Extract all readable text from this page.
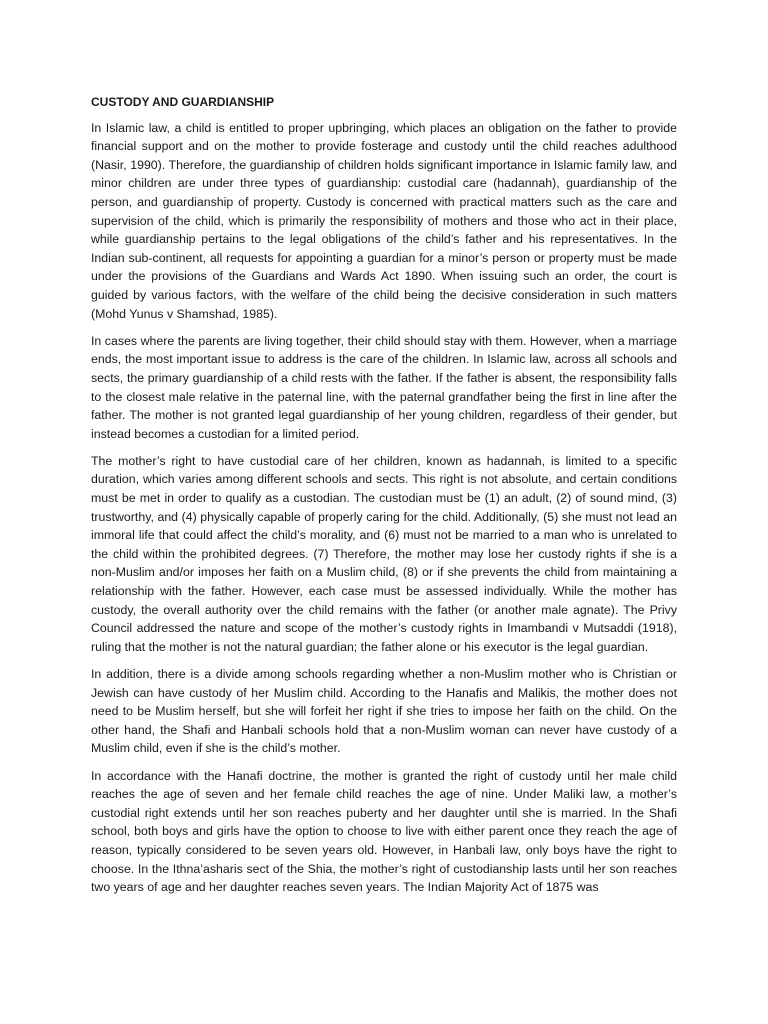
CUSTODY AND GUARDIANSHIP

In Islamic law, a child is entitled to proper upbringing, which places an obligation on the father to provide financial support and on the mother to provide fosterage and custody until the child reaches adulthood (Nasir, 1990). Therefore, the guardianship of children holds significant importance in Islamic family law, and minor children are under three types of guardianship: custodial care (hadannah), guardianship of the person, and guardianship of property. Custody is concerned with practical matters such as the care and supervision of the child, which is primarily the responsibility of mothers and those who act in their place, while guardianship pertains to the legal obligations of the child’s father and his representatives. In the Indian sub-continent, all requests for appointing a guardian for a minor’s person or property must be made under the provisions of the Guardians and Wards Act 1890. When issuing such an order, the court is guided by various factors, with the welfare of the child being the decisive consideration in such matters (Mohd Yunus v Shamshad, 1985).

In cases where the parents are living together, their child should stay with them. However, when a marriage ends, the most important issue to address is the care of the children. In Islamic law, across all schools and sects, the primary guardianship of a child rests with the father. If the father is absent, the responsibility falls to the closest male relative in the paternal line, with the paternal grandfather being the first in line after the father. The mother is not granted legal guardianship of her young children, regardless of their gender, but instead becomes a custodian for a limited period.

The mother’s right to have custodial care of her children, known as hadannah, is limited to a specific duration, which varies among different schools and sects. This right is not absolute, and certain conditions must be met in order to qualify as a custodian. The custodian must be (1) an adult, (2) of sound mind, (3) trustworthy, and (4) physically capable of properly caring for the child. Additionally, (5) she must not lead an immoral life that could affect the child’s morality, and (6) must not be married to a man who is unrelated to the child within the prohibited degrees. (7) Therefore, the mother may lose her custody rights if she is a non-Muslim and/or imposes her faith on a Muslim child, (8) or if she prevents the child from maintaining a relationship with the father. However, each case must be assessed individually. While the mother has custody, the overall authority over the child remains with the father (or another male agnate). The Privy Council addressed the nature and scope of the mother’s custody rights in Imambandi v Mutsaddi (1918), ruling that the mother is not the natural guardian; the father alone or his executor is the legal guardian.

In addition, there is a divide among schools regarding whether a non-Muslim mother who is Christian or Jewish can have custody of her Muslim child. According to the Hanafis and Malikis, the mother does not need to be Muslim herself, but she will forfeit her right if she tries to impose her faith on the child. On the other hand, the Shafi and Hanbali schools hold that a non-Muslim woman can never have custody of a Muslim child, even if she is the child’s mother.

In accordance with the Hanafi doctrine, the mother is granted the right of custody until her male child reaches the age of seven and her female child reaches the age of nine. Under Maliki law, a mother’s custodial right extends until her son reaches puberty and her daughter until she is married. In the Shafi school, both boys and girls have the option to choose to live with either parent once they reach the age of reason, typically considered to be seven years old. However, in Hanbali law, only boys have the right to choose. In the Ithna’asharis sect of the Shia, the mother’s right of custodianship lasts until her son reaches two years of age and her daughter reaches seven years. The Indian Majority Act of 1875 was
